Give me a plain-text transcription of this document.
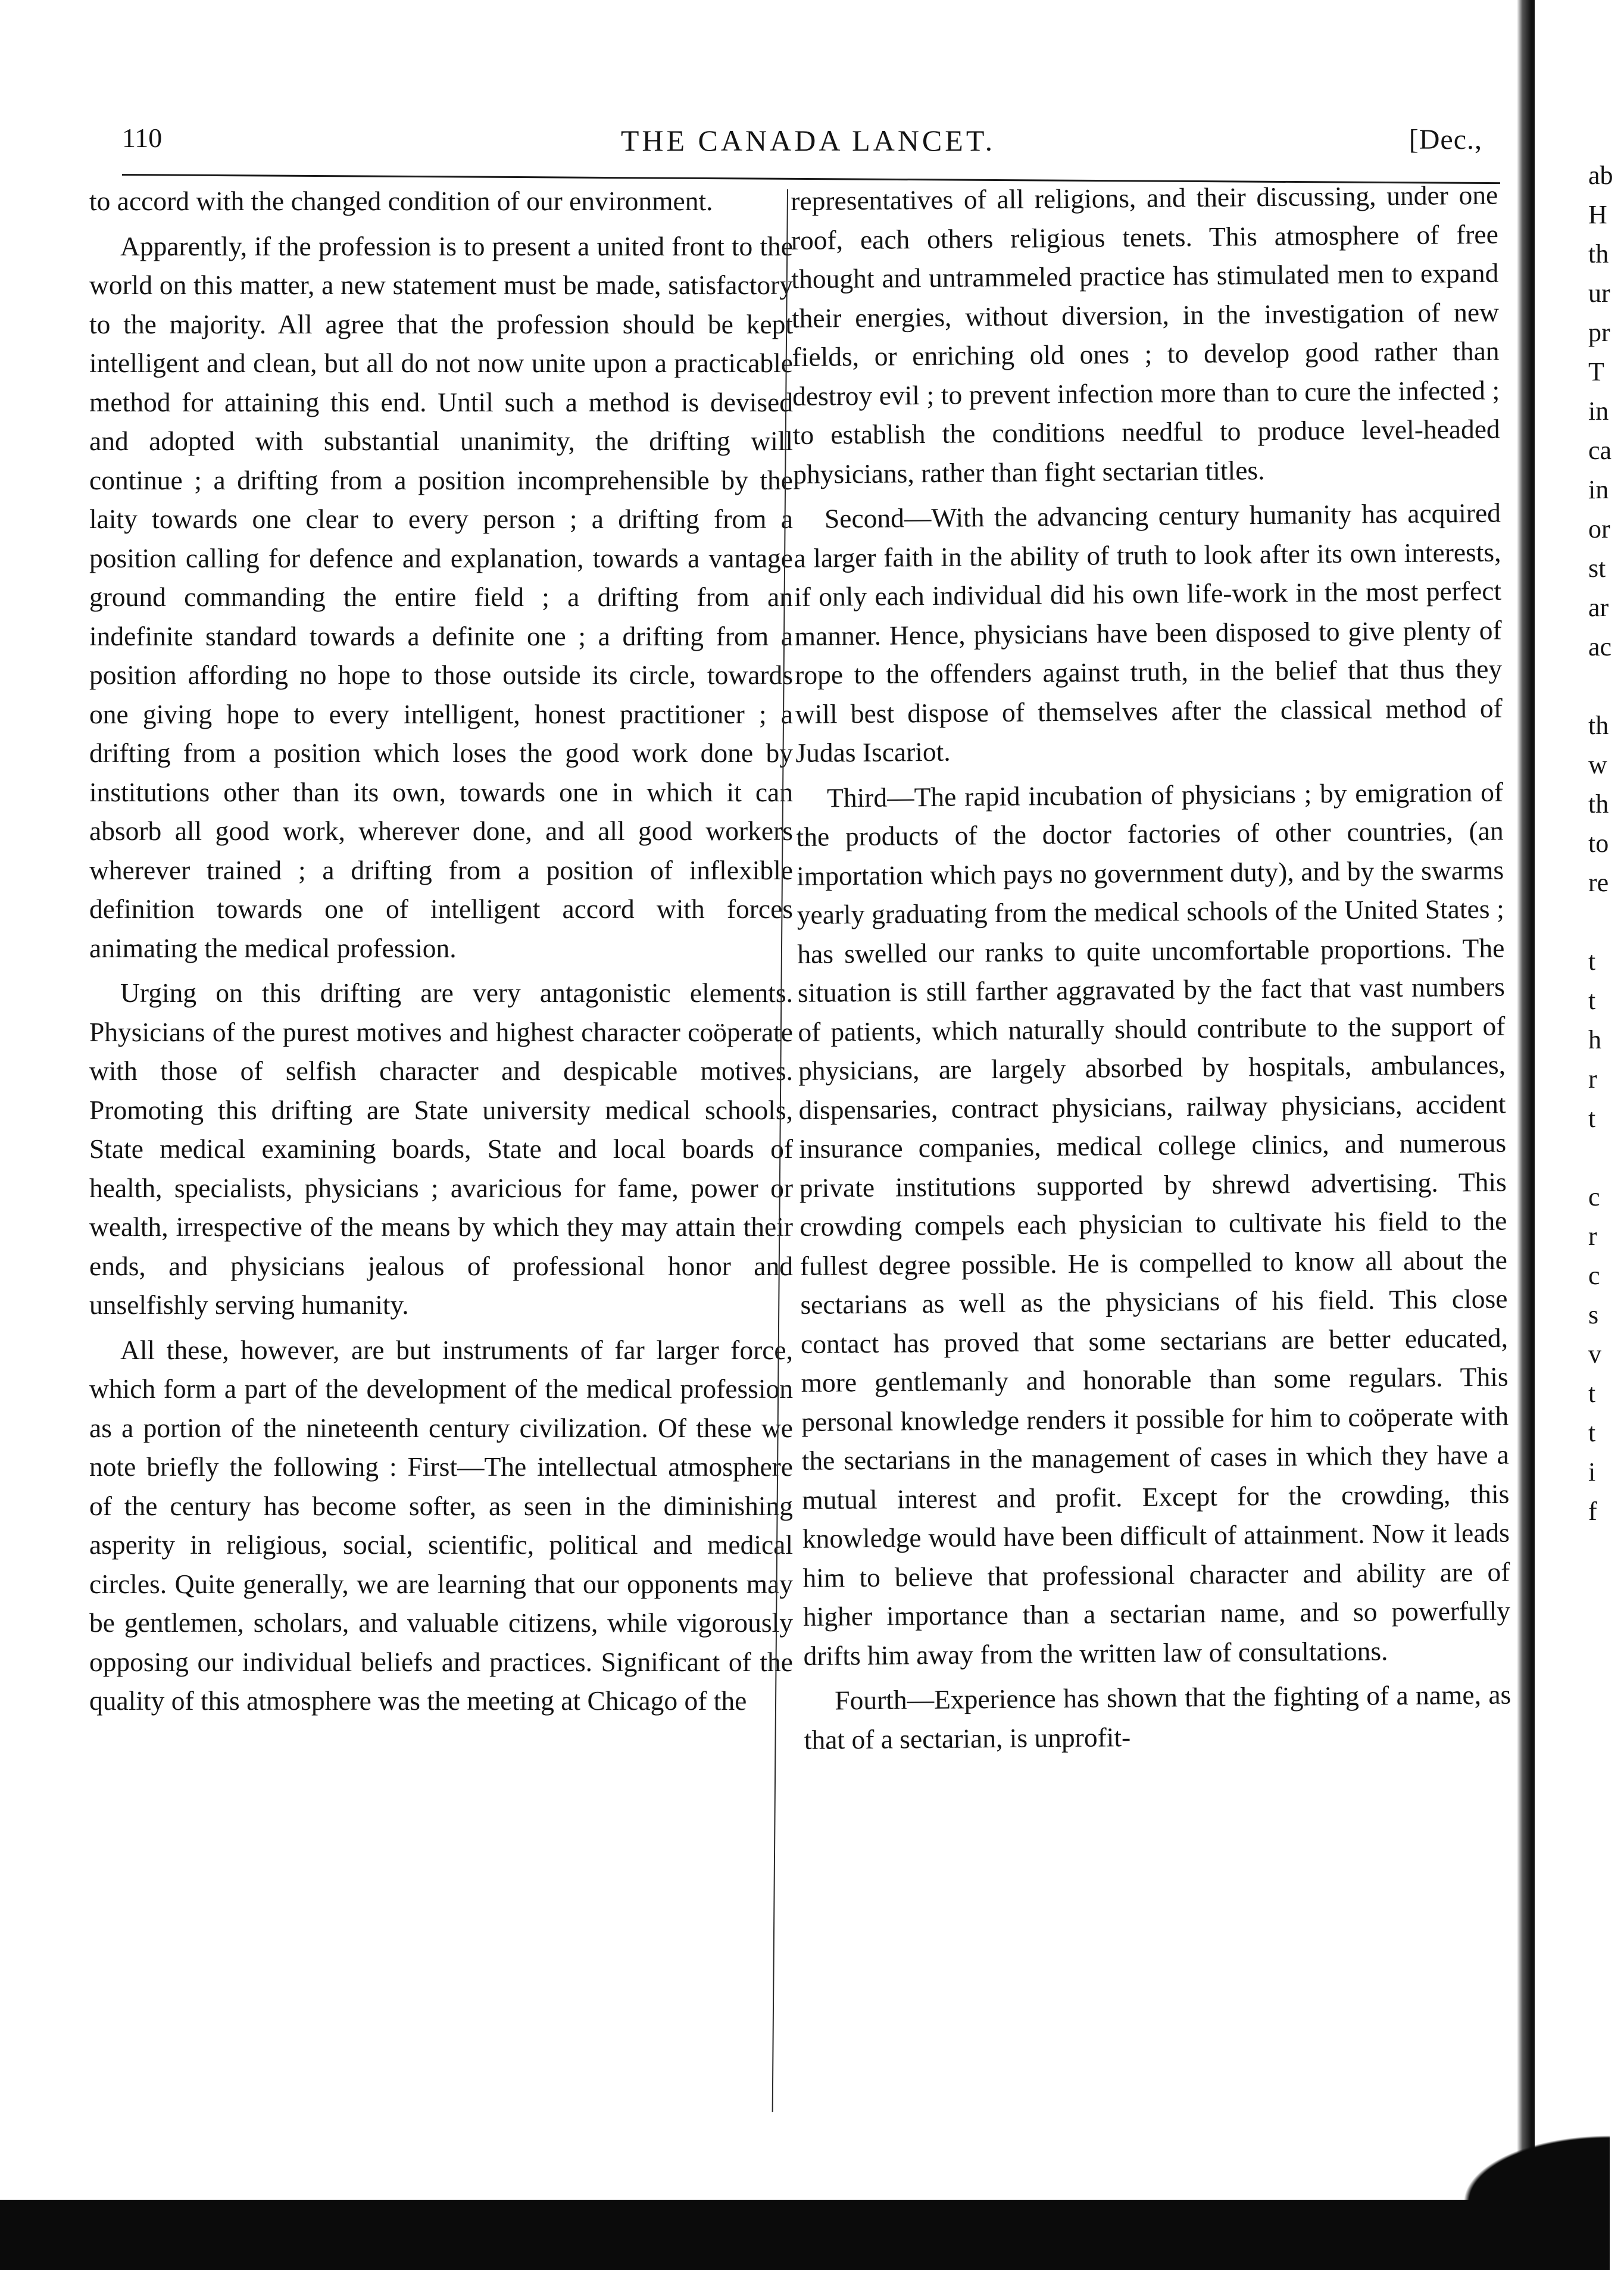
110	THE CANADA LANCET.	[Dec.,

to accord with the changed condition of our environment.

Apparently, if the profession is to present a united front to the world on this matter, a new statement must be made, satisfactory to the majority. All agree that the profession should be kept intelligent and clean, but all do not now unite upon a practicable method for attaining this end. Until such a method is devised and adopted with substantial unanimity, the drifting will continue ; a drifting from a position incomprehensible by the laity towards one clear to every person ; a drifting from a position calling for defence and explanation, towards a vantage ground commanding the entire field ; a drifting from an indefinite standard towards a definite one ; a drifting from a position affording no hope to those outside its circle, towards one giving hope to every intelligent, honest practitioner ; a drifting from a position which loses the good work done by institutions other than its own, towards one in which it can absorb all good work, wherever done, and all good workers wherever trained ; a drifting from a position of inflexible definition towards one of intelligent accord with forces animating the medical profession.

Urging on this drifting are very antagonistic elements. Physicians of the purest motives and highest character coöperate with those of selfish character and despicable motives. Promoting this drifting are State university medical schools, State medical examining boards, State and local boards of health, specialists, physicians ; avaricious for fame, power or wealth, irrespective of the means by which they may attain their ends, and physicians jealous of professional honor and unselfishly serving humanity.

All these, however, are but instruments of far larger force, which form a part of the development of the medical profession as a portion of the nineteenth century civilization. Of these we note briefly the following : First—The intellectual atmosphere of the century has become softer, as seen in the diminishing asperity in religious, social, scientific, political and medical circles. Quite generally, we are learning that our opponents may be gentlemen, scholars, and valuable citizens, while vigorously opposing our individual beliefs and practices. Significant of the quality of this atmosphere was the meeting at Chicago of the

representatives of all religions, and their discussing, under one roof, each others religious tenets. This atmosphere of free thought and untrammeled practice has stimulated men to expand their energies, without diversion, in the investigation of new fields, or enriching old ones ; to develop good rather than destroy evil ; to prevent infection more than to cure the infected ; to establish the conditions needful to produce level-headed physicians, rather than fight sectarian titles.

Second—With the advancing century humanity has acquired a larger faith in the ability of truth to look after its own interests, if only each individual did his own life-work in the most perfect manner. Hence, physicians have been disposed to give plenty of rope to the offenders against truth, in the belief that thus they will best dispose of themselves after the classical method of Judas Iscariot.

Third—The rapid incubation of physicians ; by emigration of the products of the doctor factories of other countries, (an importation which pays no government duty), and by the swarms yearly graduating from the medical schools of the United States ; has swelled our ranks to quite uncomfortable proportions. The situation is still farther aggravated by the fact that vast numbers of patients, which naturally should contribute to the support of physicians, are largely absorbed by hospitals, ambulances, dispensaries, contract physicians, railway physicians, accident insurance companies, medical college clinics, and numerous private institutions supported by shrewd advertising. This crowding compels each physician to cultivate his field to the fullest degree possible. He is compelled to know all about the sectarians as well as the physicians of his field. This close contact has proved that some sectarians are better educated, more gentlemanly and honorable than some regulars. This personal knowledge renders it possible for him to coöperate with the sectarians in the management of cases in which they have a mutual interest and profit. Except for the crowding, this knowledge would have been difficult of attainment. Now it leads him to believe that professional character and ability are of higher importance than a sectarian name, and so powerfully drifts him away from the written law of consultations.

Fourth—Experience has shown that the fighting of a name, as that of a sectarian, is unprofit-

ab
H
th
ur
pr
T
in
ca
in
or
st
ar
ac
th
w
th
to
re
t
t
h
r
t
c
r
c
s
v
t
t
i
f
